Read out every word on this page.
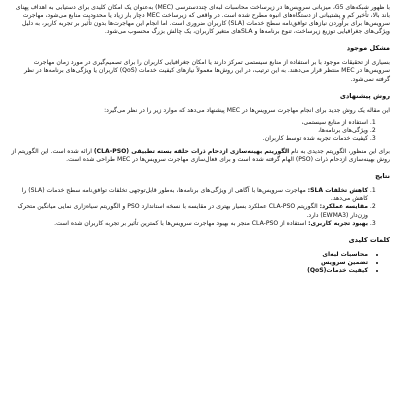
با ظهور شبکه‌های G5، میزبانی سرویس‌ها در زیرساخت محاسبات لبه‌ای چنددسترسی (MEC) به‌عنوان یک امکان کلیدی برای دستیابی به اهداف پهنای باند بالا، تأخیر کم و پشتیبانی از دستگاه‌های انبوه مطرح شده است. در واقعی که زیرساخت MEC دچار بار زیاد یا محدودیت منابع می‌شود، مهاجرت سرویس‌ها برای برآوردن نیازهای توافق‌نامه سطح خدمات (SLA) کاربران ضروری است. اما انجام این مهاجرت‌ها بدون تأثیر بر تجربه کاربر، به دلیل ویژگی‌های جغرافیایی توزیع زیرساخت، تنوع برنامه‌ها و SLA‌های متغیر کاربران، یک چالش بزرگ محسوب می‌شود.

مشکل موجود

بسیاری از تحقیقات موجود با بر استفاده از منابع سیستمی تمرکز دارند یا امکان جغرافیایی کاربران را برای تصمیم‌گیری در مورد زمان مهاجرت سرویس‌ها در MEC منتظر قرار می‌دهند. به این ترتیب، در این روش‌ها معمولاً نیازهای کیفیت خدمات (QoS) کاربران یا ویژگی‌های برنامه‌ها در نظر گرفته نمی‌شود.

روش پیشنهادی

این مقاله یک روش جدید برای انجام مهاجرت سرویس‌ها در MEC پیشنهاد می‌دهد که موارد زیر را در نظر می‌گیرد:

1. استفاده از منابع سیستمی،
2. ویژگی‌های برنامه‌ها،
3. کیفیت خدمات تجربه شده توسط کاربران.

برای این منظور، الگوریتم جدیدی به نام الگوریتم بهینه‌سازی ازدحام ذرات حلقه بسته تطبیقی (CLA-PSO) ارائه شده است. این الگوریتم از روش بهینه‌سازی ازدحام ذرات (PSO) الهام گرفته شده است و برای فعال‌سازی مهاجرت سرویس‌ها در MEC طراحی شده است.

نتایج
1. کاهش تخلفات SLA: مهاجرت سرویس‌ها با آگاهی از ویژگی‌های برنامه‌ها، به‌طور قابل‌توجهی تخلفات توافق‌نامه سطح خدمات (SLA) را کاهش می‌دهد.
2. مقایسه عملکرد: الگوریتم CLA-PSO عملکرد بسیار بهتری در مقایسه با نسخه استاندارد PSO و الگوریتم سیاه‌زاری نمایی میانگین متحرک وزن‌دار (EWMA3) دارد.
3. بهبود تجربه کاربری: استفاده از CLA-PSO منجر به بهبود مهاجرت سرویس‌ها با کمترین تأثیر بر تجربه کاربران شده است.
کلمات کلیدی
• محاسبات لبه‌ای
• تضمین سرویس
• کیفیت خدمات(QoS)
